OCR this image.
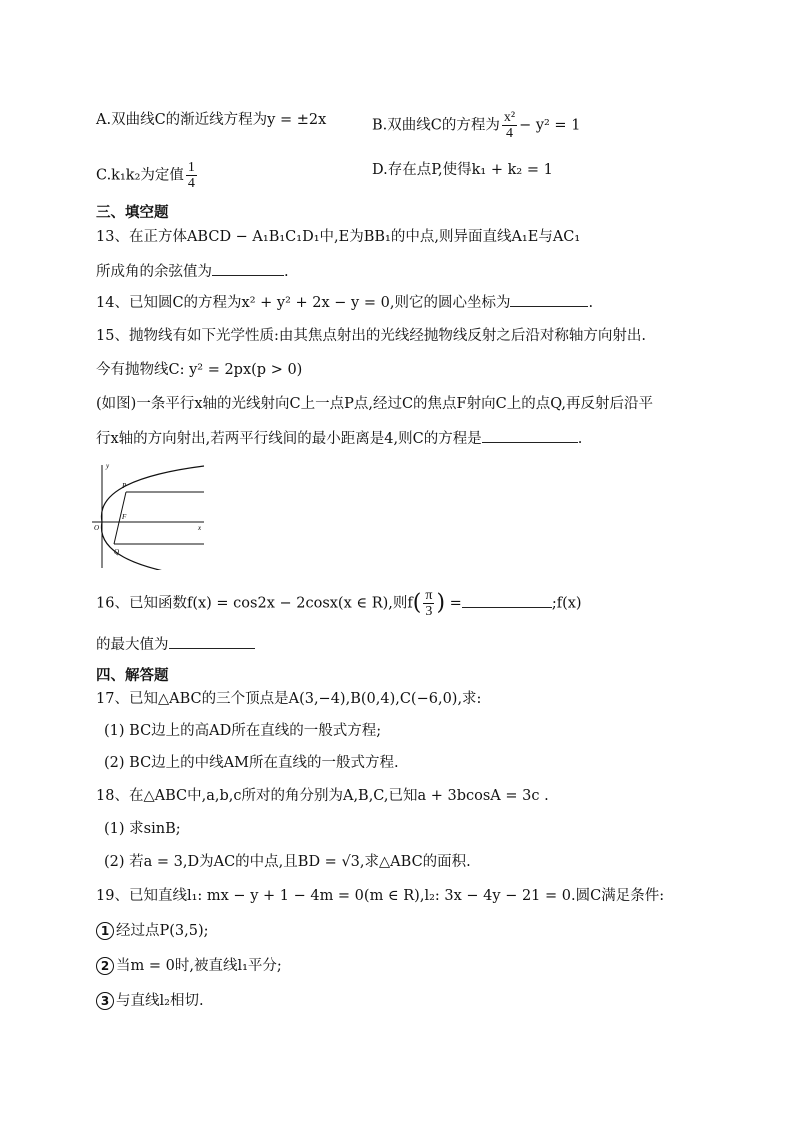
A.双曲线C的渐近线方程为y = ±2x	B.双曲线C的方程为 $\frac{\text{x²}}{4} - y^2 = 1$
C.k₁k₂为定值 $\frac{1}{4}$	D.存在点P,使得k₁ + k₂ = 1
三、填空题
13、在正方体ABCD − A₁B₁C₁D₁中,E为BB₁的中点,则异面直线A₁E与AC₁
所成角的余弦值为	.
14、已知圆C的方程为x² + y² + 2x − y = 0,则它的圆心坐标为	.
15、抛物线有如下光学性质:由其焦点射出的光线经抛物线反射之后沿对称轴方向射出.
今有抛物线C: y² = 2px(p > 0)
(如图)一条平行x轴的光线射向C上一点P点,经过C的焦点F射向C上的点Q,再反射后沿平
行x轴的方向射出,若两平行线间的最小距离是4,则C的方程是	.
y
x
O
P
F
Q
16、已知函数f(x) = cos2x − 2cosx(x ∈ R),则$f( \frac{\pi}{3}$ ) =	;f(x)
的最大值为
四、解答题
17、已知△ABC的三个顶点是A(3,−4),B(0,4),C(−6,0),求:
(1) BC边上的高AD所在直线的一般式方程;
(2) BC边上的中线AM所在直线的一般式方程.
18、在△ABC中,a,b,c所对的角分别为A,B,C,已知a + 3bcosA = 3c .
(1) 求sinB;
(2) 若a = 3,D为AC的中点,且BD = √3,求△ABC的面积.
19、已知直线l₁: mx − y + 1 − 4m = 0(m ∈ R),l₂: 3x − 4y − 21 = 0.圆C满足条件:
1 经过点P(3,5);
2 当m = 0时,被直线l₁平分;
3 与直线l₂相切.
